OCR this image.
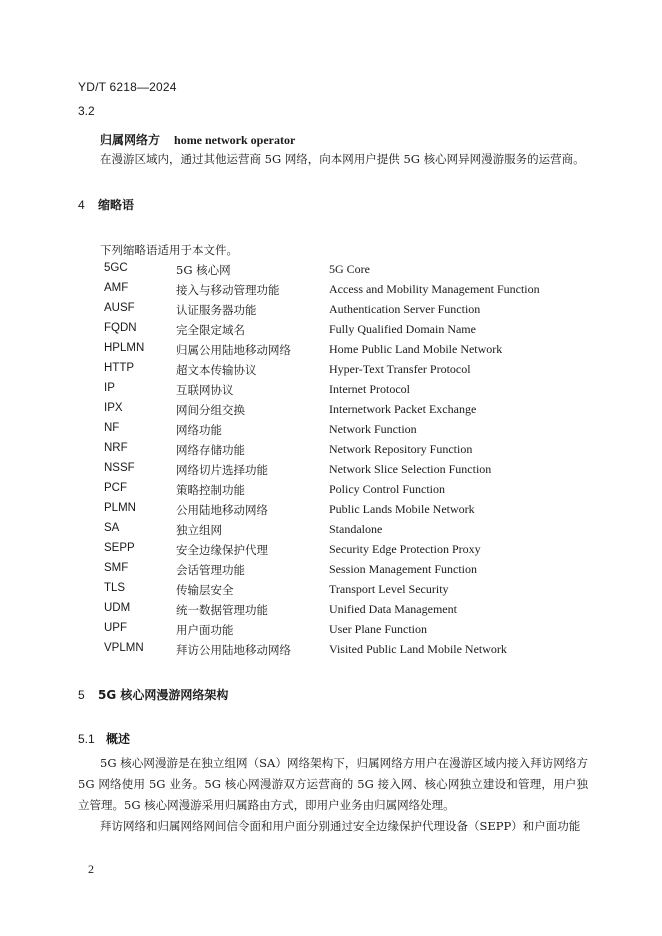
YD/T 6218—2024
3.2
归属网络方 home network operator
在漫游区域内，通过其他运营商 5G 网络，向本网用户提供 5G 核心网异网漫游服务的运营商。
4 缩略语
下列缩略语适用于本文件。
5GC	5G 核心网	5G Core
AMF	接入与移动管理功能	Access and Mobility Management Function
AUSF	认证服务器功能	Authentication Server Function
FQDN	完全限定域名	Fully Qualified Domain Name
HPLMN	归属公用陆地移动网络	Home Public Land Mobile Network
HTTP	超文本传输协议	Hyper-Text Transfer Protocol
IP	互联网协议	Internet Protocol
IPX	网间分组交换	Internetwork Packet Exchange
NF	网络功能	Network Function
NRF	网络存储功能	Network Repository Function
NSSF	网络切片选择功能	Network Slice Selection Function
PCF	策略控制功能	Policy Control Function
PLMN	公用陆地移动网络	Public Lands Mobile Network
SA	独立组网	Standalone
SEPP	安全边缘保护代理	Security Edge Protection Proxy
SMF	会话管理功能	Session Management Function
TLS	传输层安全	Transport Level Security
UDM	统一数据管理功能	Unified Data Management
UPF	用户面功能	User Plane Function
VPLMN	拜访公用陆地移动网络	Visited Public Land Mobile Network
5 5G 核心网漫游网络架构
5.1 概述

5G 核心网漫游是在独立组网（SA）网络架构下，归属网络方用户在漫游区域内接入拜访网络方 5G 网络使用 5G 业务。5G 核心网漫游双方运营商的 5G 接入网、核心网独立建设和管理，用户独立管理。5G 核心网漫游采用归属路由方式，即用户业务由归属网络处理。

拜访网络和归属网络网间信令面和用户面分别通过安全边缘保护代理设备（SEPP）和户面功能

2
